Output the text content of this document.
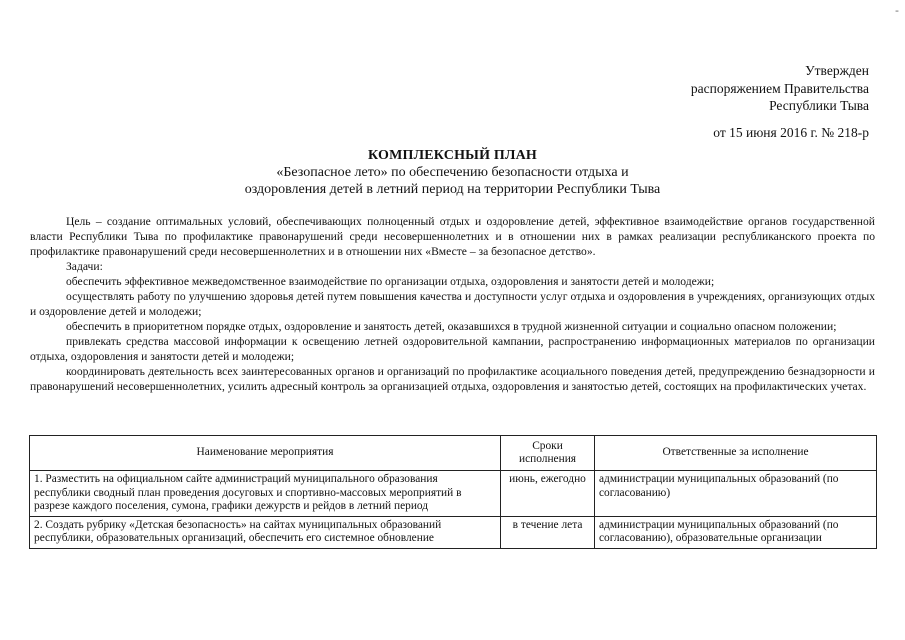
-
Утвержден
распоряжением Правительства
Республики Тыва
от 15 июня 2016 г. № 218-р
КОМПЛЕКСНЫЙ ПЛАН
«Безопасное лето» по обеспечению безопасности отдыха и
оздоровления детей в летний период на территории Республики Тыва

Цель – создание оптимальных условий, обеспечивающих полноценный отдых и оздоровление детей, эффективное взаимодействие органов государственной власти Республики Тыва по профилактике правонарушений среди несовершеннолетних и в отношении них в рамках реализации республиканского проекта по профилактике правонарушений среди несовершеннолетних и в отношении них «Вместе – за безопасное детство».

Задачи:

обеспечить эффективное межведомственное взаимодействие по организации отдыха, оздоровления и занятости детей и молодежи;

осуществлять работу по улучшению здоровья детей путем повышения качества и доступности услуг отдыха и оздоровления в учреждениях, организующих отдых и оздоровление детей и молодежи;

обеспечить в приоритетном порядке отдых, оздоровление и занятость детей, оказавшихся в трудной жизненной ситуации и социально опасном положении;

привлекать средства массовой информации к освещению летней оздоровительной кампании, распространению информационных материалов по организации отдыха, оздоровления и занятости детей и молодежи;

координировать деятельность всех заинтересованных органов и организаций по профилактике асоциального поведения детей, предупреждению безнадзорности и правонарушений несовершеннолетних, усилить адресный контроль за организацией отдыха, оздоровления и занятостью детей, состоящих на профилактических учетах.

Наименование мероприятия	Сроки исполнения	Ответственные за исполнение
1. Разместить на официальном сайте администраций муниципального образования республики сводный план проведения досуговых и спортивно-массовых мероприятий в разрезе каждого поселения, сумона, графики дежурств и рейдов в летний период	июнь, ежегодно	администрации муниципальных образований (по согласованию)
2. Создать рубрику «Детская безопасность» на сайтах муниципальных образований республики, образовательных организаций, обеспечить его системное обновление	в течение лета	администрации муниципальных образований (по согласованию), образовательные организации
